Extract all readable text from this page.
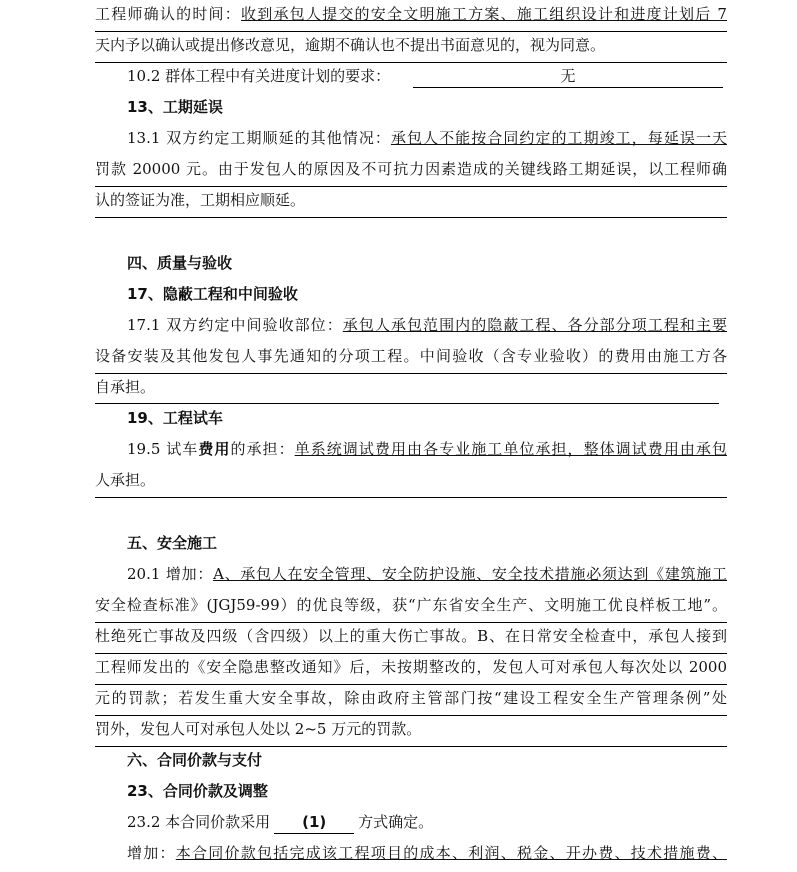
工程师确认的时间：收到承包人提交的安全文明施工方案、施工组织设计和进度计划后 7
天内予以确认或提出修改意见，逾期不确认也不提出书面意见的，视为同意。
10.2 群体工程中有关进度计划的要求：	无
13、工期延误
13.1 双方约定工期顺延的其他情况：承包人不能按合同约定的工期竣工，每延误一天
罚款 20000 元。由于发包人的原因及不可抗力因素造成的关键线路工期延误，以工程师确
认的签证为准，工期相应顺延。
四、质量与验收
17、隐蔽工程和中间验收
17.1 双方约定中间验收部位：承包人承包范围内的隐蔽工程、各分部分项工程和主要
设备安装及其他发包人事先通知的分项工程。中间验收（含专业验收）的费用由施工方各
自承担。
19、工程试车
19.5 试车费用的承担：单系统调试费用由各专业施工单位承担，整体调试费用由承包
人承担。
五、安全施工
20.1 增加：A、承包人在安全管理、安全防护设施、安全技术措施必须达到《建筑施工
安全检查标准》(JGJ59-99）的优良等级，获“广东省安全生产、文明施工优良样板工地”。
杜绝死亡事故及四级（含四级）以上的重大伤亡事故。B、在日常安全检查中，承包人接到
工程师发出的《安全隐患整改通知》后，未按期整改的，发包人可对承包人每次处以 2000
元的罚款；若发生重大安全事故，除由政府主管部门按“建设工程安全生产管理条例”处
罚外，发包人可对承包人处以 2~5 万元的罚款。
六、合同价款与支付
23、合同价款及调整
23.2 本合同价款采用 (1) 方式确定。
增加：本合同价款包括完成该工程项目的成本、利润、税金、开办费、技术措施费、
